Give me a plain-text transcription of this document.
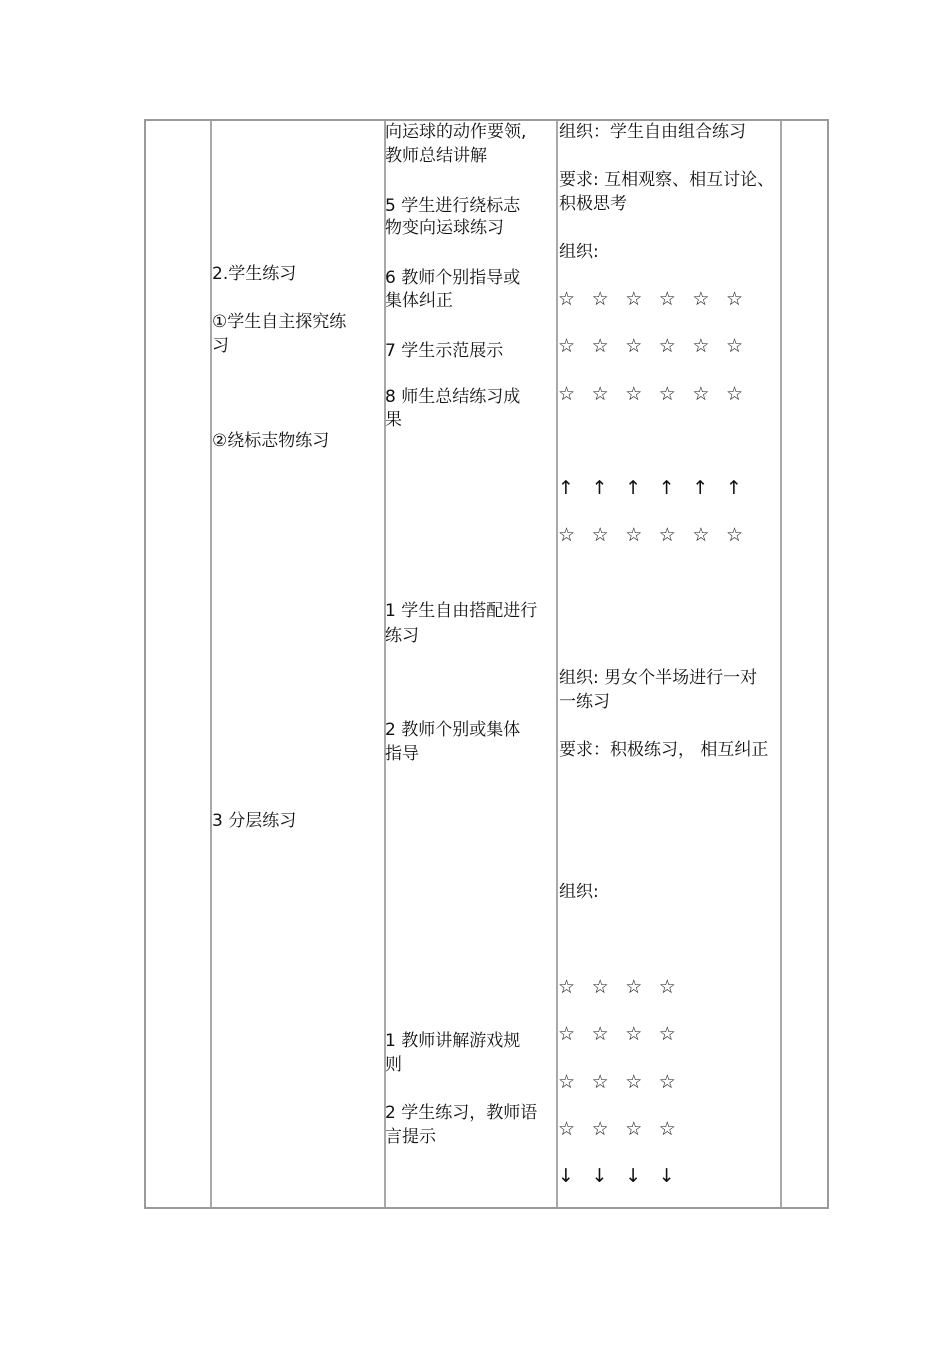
2.学生练习
①学生自主探究练
习
②绕标志物练习
3 分层练习
向运球的动作要领,
教师总结讲解
5 学生进行绕标志
物变向运球练习
6 教师个别指导或
集体纠正
7 学生示范展示
8 师生总结练习成
果
1 学生自由搭配进行
练习
2 教师个别或集体
指导
1 教师讲解游戏规
则
2 学生练习，教师语
言提示
组织：学生自由组合练习
要求: 互相观察、相互讨论、
积极思考
组织:
☆ ☆ ☆ ☆ ☆ ☆
☆ ☆ ☆ ☆ ☆ ☆
☆ ☆ ☆ ☆ ☆ ☆
↑ ↑ ↑ ↑ ↑ ↑
☆ ☆ ☆ ☆ ☆ ☆
组织: 男女个半场进行一对
一练习
要求：积极练习， 相互纠正
组织:
☆ ☆ ☆ ☆
☆ ☆ ☆ ☆
☆ ☆ ☆ ☆
☆ ☆ ☆ ☆
↓ ↓ ↓ ↓
